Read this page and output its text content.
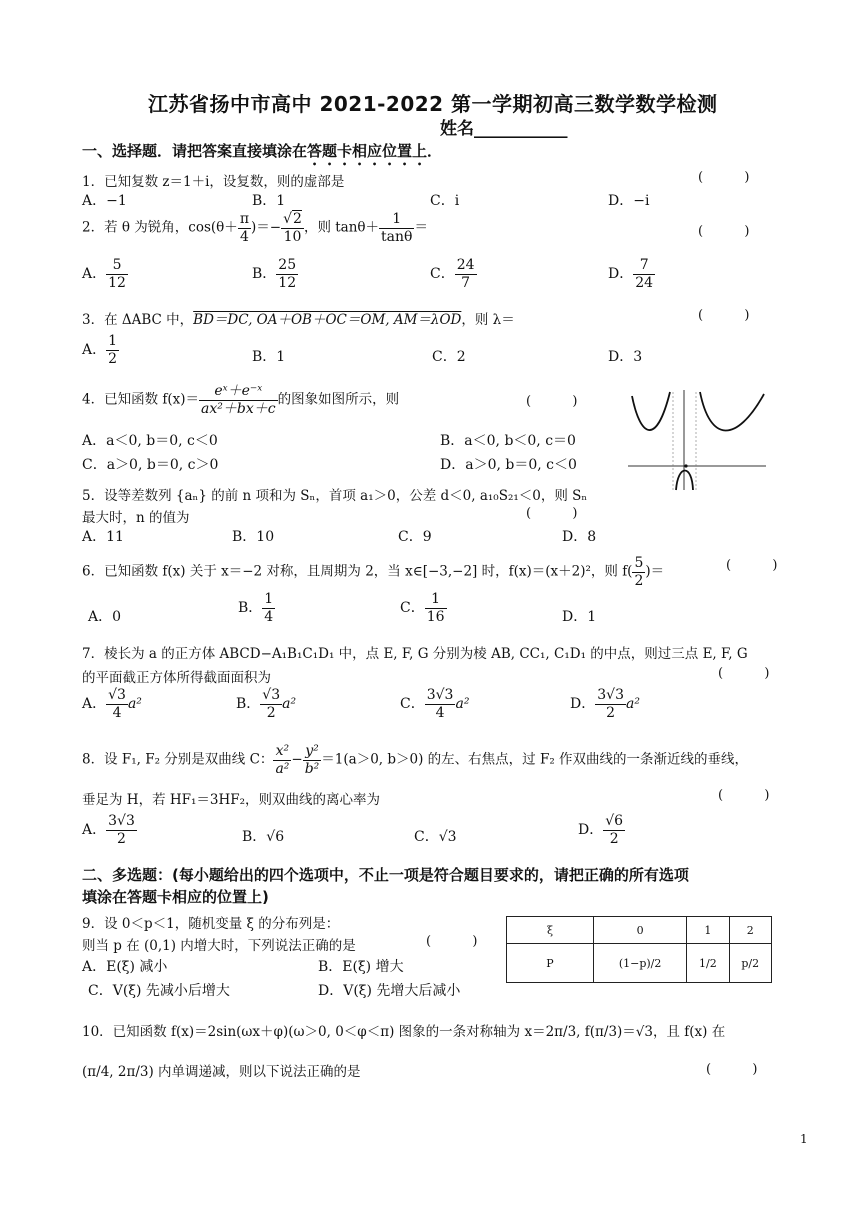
江苏省扬中市高中 2021-2022 第一学期初高三数学数学检测
姓名___________
一、选择题．请把答案直接填涂在答题卡相应位置上．
1．已知复数 z＝1＋i，设复数，则的虚部是	(          )
A．−1	B．1	C．i	D．−i
2．若 θ 为锐角，$\cos(\theta+ \frac{\pi}{4}$ )＝− $\frac{√2}{10}$ ，则 $\tan\theta+ \frac{1}{\tan\theta}$ ＝	(          )
A． $\frac{5}{12}$	B． $\frac{25}{12}$	C． $\frac{24}{7}$	D． $\frac{7}{24}$
3．在 ΔABC 中，BD＝DC, OA＋OB＋OC＝OM, AM＝λOD，则 λ＝	(          )
A． $\frac{1}{2}$	B．1	C．2	D．3
4．已知函数 $f(x)= \frac{\text{eˣ＋e⁻ˣ}}{\text{ax²＋bx＋c}}$ 的图象如图所示，则	(          )
A．a＜0, b＝0, c＜0	B．a＜0, b＜0, c＝0
C．a＞0, b＝0, c＞0	D．a＞0, b＝0, c＜0
5．设等差数列 {aₙ} 的前 n 项和为 Sₙ，首项 a₁＞0，公差 d＜0, a₁₀S₂₁＜0，则 Sₙ
最大时，n 的值为	(          )
A．11	B．10	C．9	D．8
6．已知函数 f(x) 关于 x＝−2 对称，且周期为 2，当 x∈[−3,−2] 时，f(x)＝(x＋2)²，则 $f( \frac{5}{2}$ )＝	(          )
A．0
B． $\frac{1}{4}$	C． $\frac{1}{16}$	D．1
7．棱长为 a 的正方体 ABCD−A₁B₁C₁D₁ 中，点 E, F, G 分别为棱 AB, CC₁, C₁D₁ 的中点，则过三点 E, F, G
的平面截正方体所得截面面积为	(          )
A． $\frac{√3}{4} a^2$	B． $\frac{√3}{2} a^2$	C． $\frac{3√3}{4} a^2$	D． $\frac{3√3}{2} a^2$
8．设 F₁, F₂ 分别是双曲线 C： $\frac{\text{x²}}{\text{a²}} - \frac{\text{y²}}{\text{b²}} =1(a>0$, b＞0) 的左、右焦点，过 F₂ 作双曲线的一条渐近线的垂线，
垂足为 H，若 HF₁＝3HF₂，则双曲线的离心率为	(          )
A． $\frac{3√3}{2}$	B．√6	C．√3	D． $\frac{√6}{2}$
二、多选题：(每小题给出的四个选项中，不止一项是符合题目要求的，请把正确的所有选项
填涂在答题卡相应的位置上)
9．设 0＜p＜1，随机变量 ξ 的分布列是：
则当 p 在 (0,1) 内增大时，下列说法正确的是	(          )
A．E(ξ) 减小	B．E(ξ) 增大
C．V(ξ) 先减小后增大	D．V(ξ) 先增大后减小
ξ	0	1	2
P	(1−p)/2	1/2	p/2
10．已知函数 f(x)＝2sin(ωx＋φ)(ω＞0, 0＜φ＜π) 图象的一条对称轴为 x＝2π/3, f(π/3)＝√3，且 f(x) 在
(π/4, 2π/3) 内单调递减，则以下说法正确的是	(          )
1
